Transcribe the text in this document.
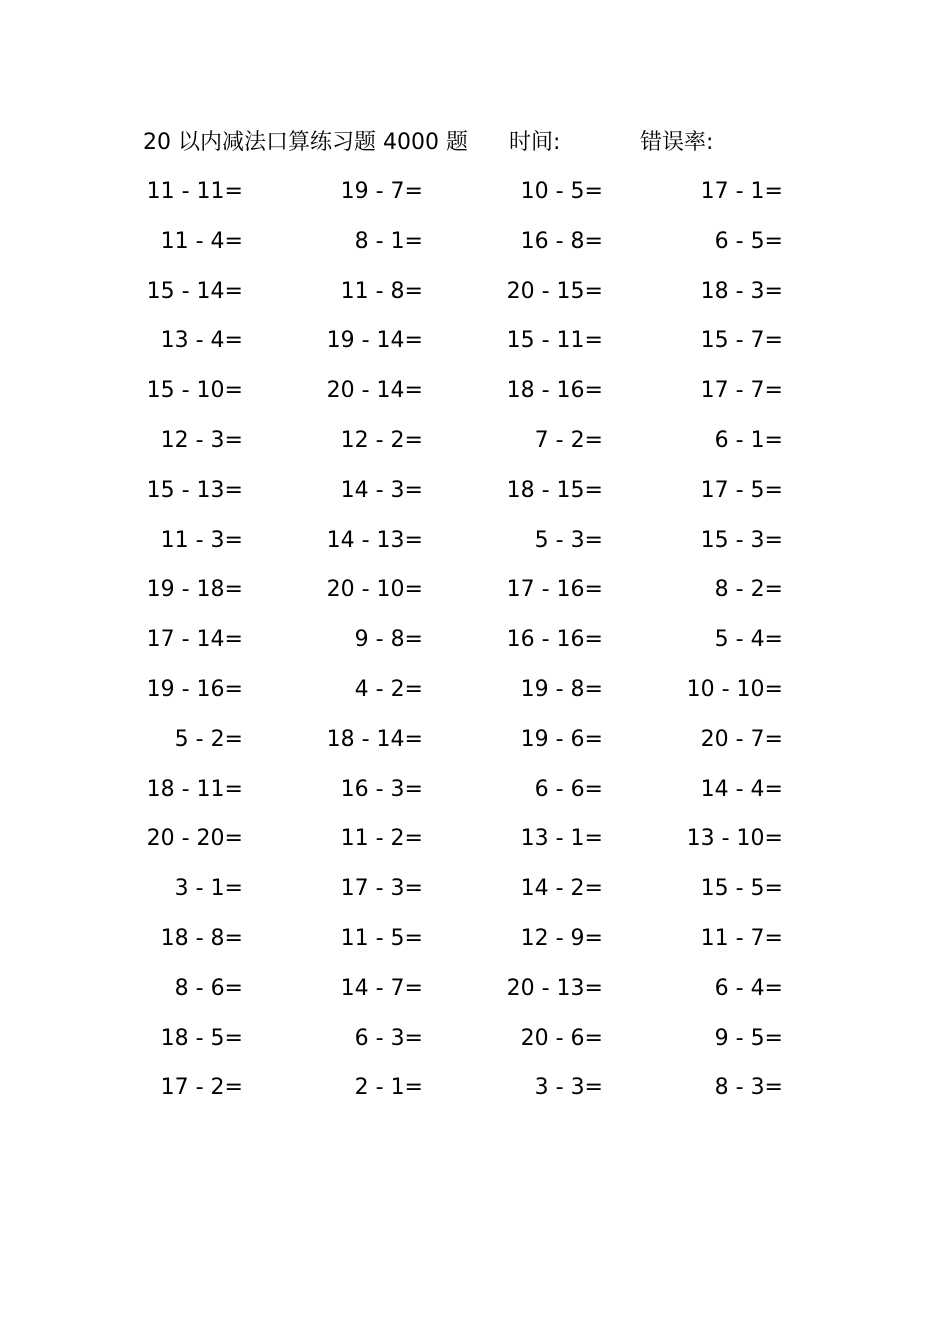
20 以内减法口算练习题 4000 题 时间:	错误率:
11 - 11=	19 - 7=	10 - 5=	17 - 1=
11 - 4=	8 - 1=	16 - 8=	6 - 5=
15 - 14=	11 - 8=	20 - 15=	18 - 3=
13 - 4=	19 - 14=	15 - 11=	15 - 7=
15 - 10=	20 - 14=	18 - 16=	17 - 7=
12 - 3=	12 - 2=	7 - 2=	6 - 1=
15 - 13=	14 - 3=	18 - 15=	17 - 5=
11 - 3=	14 - 13=	5 - 3=	15 - 3=
19 - 18=	20 - 10=	17 - 16=	8 - 2=
17 - 14=	9 - 8=	16 - 16=	5 - 4=
19 - 16=	4 - 2=	19 - 8=	10 - 10=
5 - 2=	18 - 14=	19 - 6=	20 - 7=
18 - 11=	16 - 3=	6 - 6=	14 - 4=
20 - 20=	11 - 2=	13 - 1=	13 - 10=
3 - 1=	17 - 3=	14 - 2=	15 - 5=
18 - 8=	11 - 5=	12 - 9=	11 - 7=
8 - 6=	14 - 7=	20 - 13=	6 - 4=
18 - 5=	6 - 3=	20 - 6=	9 - 5=
17 - 2=	2 - 1=	3 - 3=	8 - 3=
